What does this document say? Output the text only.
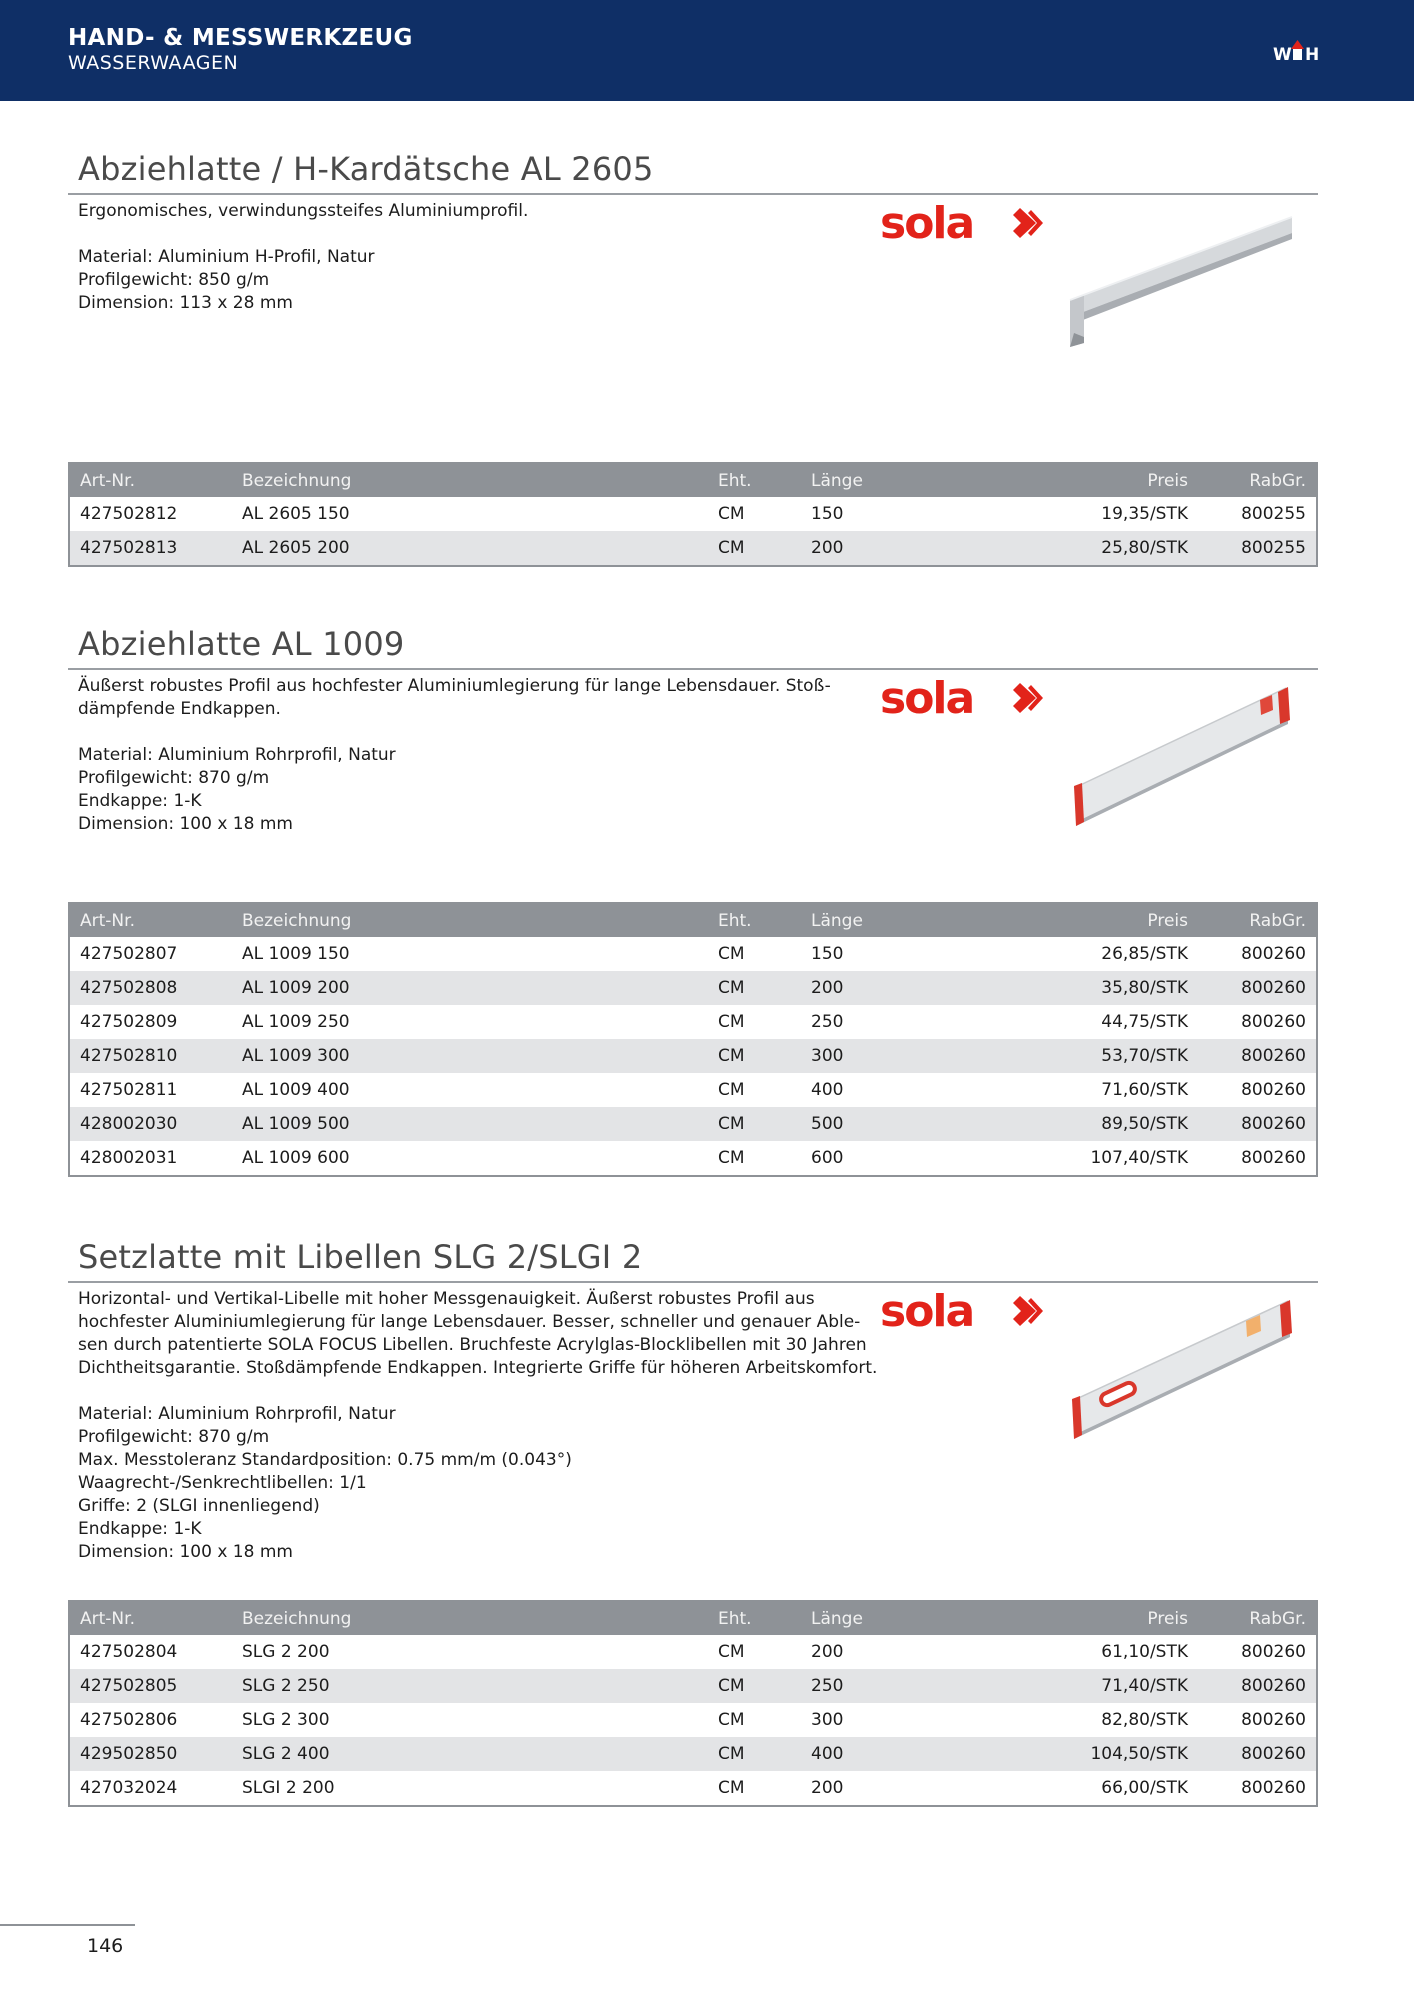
HAND- & MESSWERKZEUG
WASSERWAAGEN	W H
Abziehlatte / H-Kardätsche AL 2605

Ergonomisches, verwindungssteifes Aluminiumprofil.

Material: Aluminium H-Profil, Natur

Profilgewicht: 850 g/m

Dimension: 113 x 28 mm

sola
Art-Nr.	Bezeichnung	Eht.	Länge	Preis	RabGr.
427502812	AL 2605 150	CM	150	19,35/STK	800255
427502813	AL 2605 200	CM	200	25,80/STK	800255
Abziehlatte AL 1009

Äußerst robustes Profil aus hochfester Aluminiumlegierung für lange Lebensdauer. Stoß-

dämpfende Endkappen.

Material: Aluminium Rohrprofil, Natur

Profilgewicht: 870 g/m

Endkappe: 1-K

Dimension: 100 x 18 mm

sola
Art-Nr.	Bezeichnung	Eht.	Länge	Preis	RabGr.
427502807	AL 1009 150	CM	150	26,85/STK	800260
427502808	AL 1009 200	CM	200	35,80/STK	800260
427502809	AL 1009 250	CM	250	44,75/STK	800260
427502810	AL 1009 300	CM	300	53,70/STK	800260
427502811	AL 1009 400	CM	400	71,60/STK	800260
428002030	AL 1009 500	CM	500	89,50/STK	800260
428002031	AL 1009 600	CM	600	107,40/STK	800260
Setzlatte mit Libellen SLG 2/SLGI 2

Horizontal- und Vertikal-Libelle mit hoher Messgenauigkeit. Äußerst robustes Profil aus

hochfester Aluminiumlegierung für lange Lebensdauer. Besser, schneller und genauer Able-

sen durch patentierte SOLA FOCUS Libellen. Bruchfeste Acrylglas-Blocklibellen mit 30 Jahren

Dichtheitsgarantie. Stoßdämpfende Endkappen. Integrierte Griffe für höheren Arbeitskomfort.

Material: Aluminium Rohrprofil, Natur

Profilgewicht: 870 g/m

Max. Messtoleranz Standardposition: 0.75 mm/m (0.043°)

Waagrecht-/Senkrechtlibellen: 1/1

Griffe: 2 (SLGI innenliegend)

Endkappe: 1-K

Dimension: 100 x 18 mm

sola
Art-Nr.	Bezeichnung	Eht.	Länge	Preis	RabGr.
427502804	SLG 2 200	CM	200	61,10/STK	800260
427502805	SLG 2 250	CM	250	71,40/STK	800260
427502806	SLG 2 300	CM	300	82,80/STK	800260
429502850	SLG 2 400	CM	400	104,50/STK	800260
427032024	SLGI 2 200	CM	200	66,00/STK	800260
146
